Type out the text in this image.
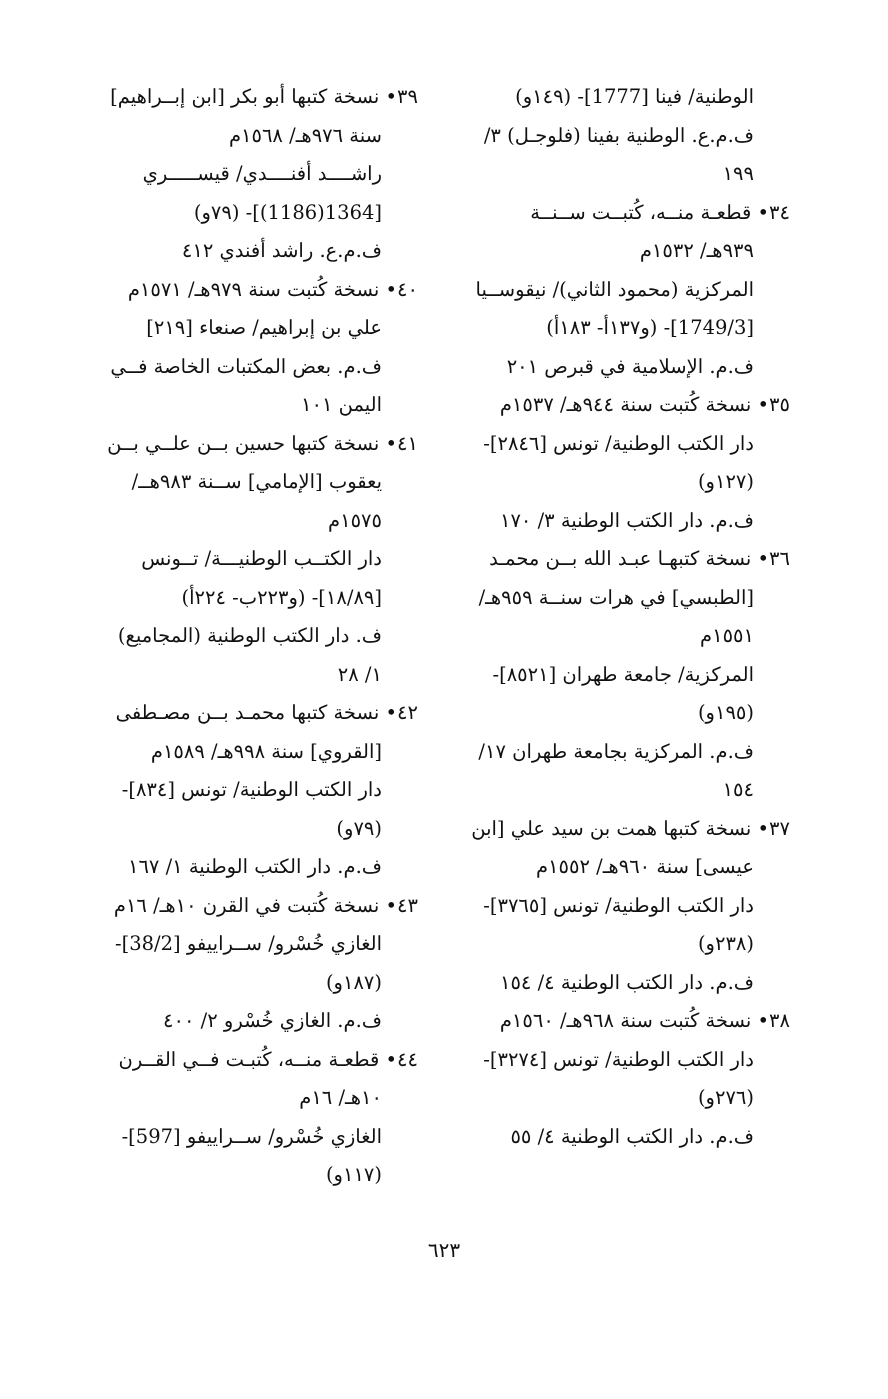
الوطنية/ فينا [1777]- (١٤٩و)
ف.م.ع. الوطنية بفينا (فلوجـل) ٣/
١٩٩
٣٤• قطعـة منــه، كُتبــت ســنــة
٩٣٩هـ/ ١٥٣٢م
المركزية (محمود الثاني)/ نيقوســيا
[1749/3]- (و١٣٧أ- ١٨٣أ)
ف.م. الإسلامية في قبرص ٢٠١
٣٥• نسخة كُتبت سنة ٩٤٤هـ/ ١٥٣٧م
دار الكتب الوطنية/ تونس [٢٨٤٦]-
(١٢٧و)
ف.م. دار الكتب الوطنية ٣/ ١٧٠
٣٦• نسخة كتبهـا عبـد الله بــن محمـد
[الطبسي] في هرات سنــة ٩٥٩هـ/
١٥٥١م
المركزية/ جامعة طهران [٨٥٢١]-
(١٩٥و)
ف.م. المركزية بجامعة طهران ١٧/
١٥٤
٣٧• نسخة كتبها همت بن سيد علي [ابن
عيسى] سنة ٩٦٠هـ/ ١٥٥٢م
دار الكتب الوطنية/ تونس [٣٧٦٥]-
(٢٣٨و)
ف.م. دار الكتب الوطنية ٤/ ١٥٤
٣٨• نسخة كُتبت سنة ٩٦٨هـ/ ١٥٦٠م
دار الكتب الوطنية/ تونس [٣٢٧٤]-
(٢٧٦و)
ف.م. دار الكتب الوطنية ٤/ ٥٥
٣٩• نسخة كتبها أبو بكر [ابن إبــراهيم]
سنة ٩٧٦هـ/ ١٥٦٨م
راشــــد أفنــــدي/ قيســـــري
[1364(1186)]- (٧٩و)
ف.م.ع. راشد أفندي ٤١٢
٤٠• نسخة كُتبت سنة ٩٧٩هـ/ ١٥٧١م
علي بن إبراهيم/ صنعاء [٢١٩]
ف.م. بعض المكتبات الخاصة فــي
اليمن ١٠١
٤١• نسخة كتبها حسين بــن علــي بــن
يعقوب [الإمامي] ســنة ٩٨٣هــ/
١٥٧٥م
دار الكتــب الوطنيـــة/ تــونس
[١٨/٨٩]- (و٢٢٣ب- ٢٢٤أ)
ف. دار الكتب الوطنية (المجاميع)
١/ ٢٨
٤٢• نسخة كتبها محمـد بــن مصـطفى
[القروي] سنة ٩٩٨هـ/ ١٥٨٩م
دار الكتب الوطنية/ تونس [٨٣٤]-
(٧٩و)
ف.م. دار الكتب الوطنية ١/ ١٦٧
٤٣• نسخة كُتبت في القرن ١٠هـ/ ١٦م
الغازي خُسْرو/ ســراييفو [38/2]-
(١٨٧و)
ف.م. الغازي خُسْرو ٢/ ٤٠٠
٤٤• قطعـة منــه، كُتبـت فــي القــرن
١٠هـ/ ١٦م
الغازي خُسْرو/ ســراييفو [597]-
(١١٧و)
٦٢٣
